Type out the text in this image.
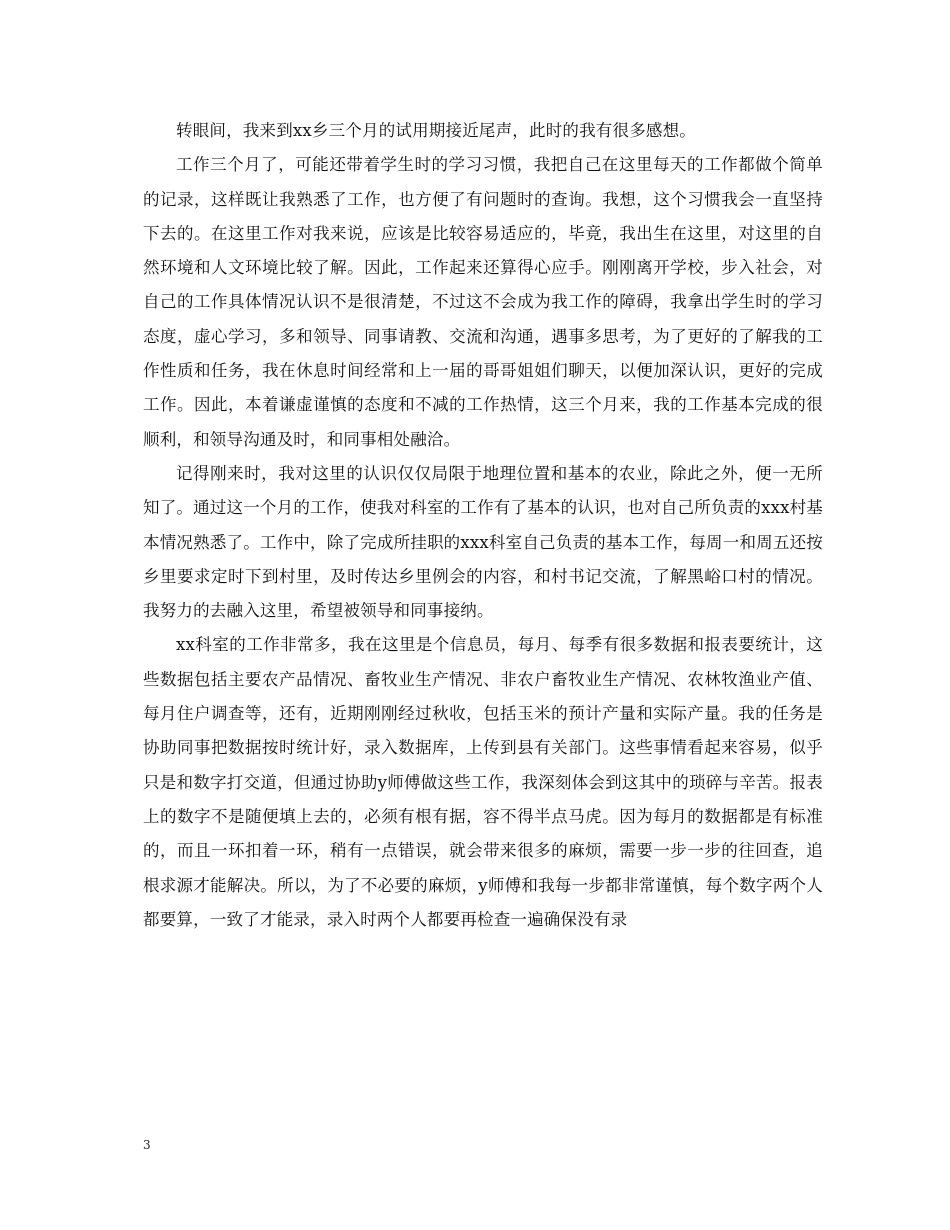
转眼间，我来到xx乡三个月的试用期接近尾声，此时的我有很多感想。

工作三个月了，可能还带着学生时的学习习惯，我把自己在这里每天的工作都做个简单的记录，这样既让我熟悉了工作，也方便了有问题时的查询。我想，这个习惯我会一直坚持下去的。在这里工作对我来说，应该是比较容易适应的，毕竟，我出生在这里，对这里的自然环境和人文环境比较了解。因此，工作起来还算得心应手。刚刚离开学校，步入社会，对自己的工作具体情况认识不是很清楚，不过这不会成为我工作的障碍，我拿出学生时的学习态度，虚心学习，多和领导、同事请教、交流和沟通，遇事多思考，为了更好的了解我的工作性质和任务，我在休息时间经常和上一届的哥哥姐姐们聊天，以便加深认识，更好的完成工作。因此，本着谦虚谨慎的态度和不减的工作热情，这三个月来，我的工作基本完成的很顺利，和领导沟通及时，和同事相处融洽。

记得刚来时，我对这里的认识仅仅局限于地理位置和基本的农业，除此之外，便一无所知了。通过这一个月的工作，使我对科室的工作有了基本的认识，也对自己所负责的xxx村基本情况熟悉了。工作中，除了完成所挂职的xxx科室自己负责的基本工作，每周一和周五还按乡里要求定时下到村里，及时传达乡里例会的内容，和村书记交流，了解黑峪口村的情况。我努力的去融入这里，希望被领导和同事接纳。

xx科室的工作非常多，我在这里是个信息员，每月、每季有很多数据和报表要统计，这些数据包括主要农产品情况、畜牧业生产情况、非农户畜牧业生产情况、农林牧渔业产值、每月住户调查等，还有，近期刚刚经过秋收，包括玉米的预计产量和实际产量。我的任务是协助同事把数据按时统计好，录入数据库，上传到县有关部门。这些事情看起来容易，似乎只是和数字打交道，但通过协助y师傅做这些工作，我深刻体会到这其中的琐碎与辛苦。报表上的数字不是随便填上去的，必须有根有据，容不得半点马虎。因为每月的数据都是有标准的，而且一环扣着一环，稍有一点错误，就会带来很多的麻烦，需要一步一步的往回查，追根求源才能解决。所以，为了不必要的麻烦，y师傅和我每一步都非常谨慎，每个数字两个人都要算，一致了才能录，录入时两个人都要再检查一遍确保没有录

3
